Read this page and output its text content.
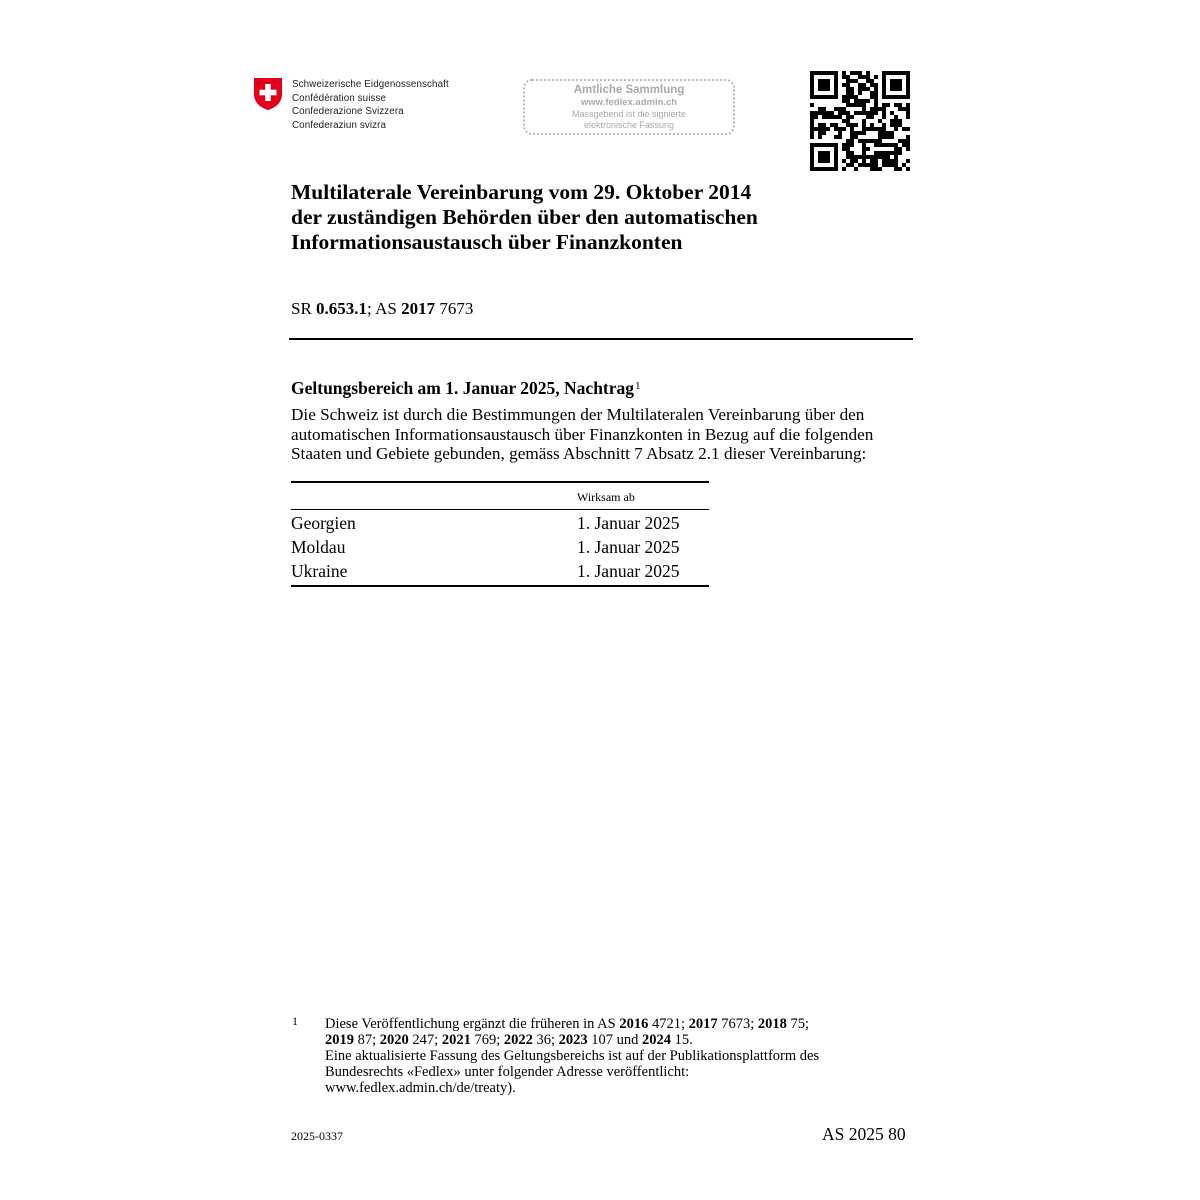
Schweizerische Eidgenossenschaft
Confédération suisse
Confederazione Svizzera
Confederaziun svizra
Amtliche Sammlung
www.fedlex.admin.ch
Massgebend ist die signierte
elektronische Fassung
Multilaterale Vereinbarung vom 29. Oktober 2014
der zuständigen Behörden über den automatischen
Informationsaustausch über Finanzkonten
SR 0.653.1; AS 2017 7673
Geltungsbereich am 1. Januar 2025, Nachtrag$^1$
Die Schweiz ist durch die Bestimmungen der Multilateralen Vereinbarung über den automatischen Informationsaustausch über Finanzkonten in Bezug auf die folgenden Staaten und Gebiete gebunden, gemäss Abschnitt 7 Absatz 2.1 dieser Vereinbarung:
Wirksam ab
Georgien	1. Januar 2025
Moldau	1. Januar 2025
Ukraine	1. Januar 2025
1 Diese Veröffentlichung ergänzt die früheren in AS 2016 4721; 2017 7673; 2018 75;
2019 87; 2020 247; 2021 769; 2022 36; 2023 107 und 2024 15.
Eine aktualisierte Fassung des Geltungsbereichs ist auf der Publikationsplattform des
Bundesrechts «Fedlex» unter folgender Adresse veröffentlicht:
www.fedlex.admin.ch/de/treaty).
2025-0337	AS 2025 80
